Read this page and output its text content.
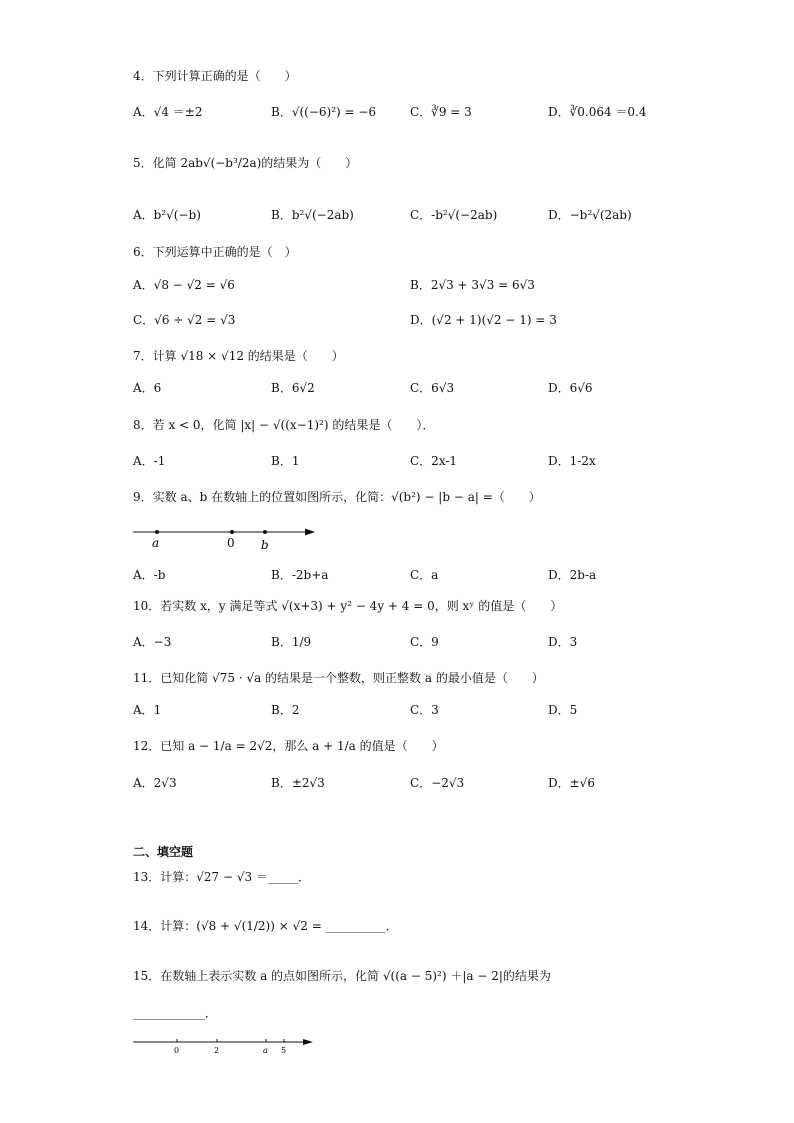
4．下列计算正确的是（　　）
A．√4 ＝±2	B．√((−6)²) = −6	C．∛9 = 3	D．∛0.064 ＝0.4
5．化简 2ab√(−b³/2a)的结果为（　　）
A．b²√(−b)	B．b²√(−2ab)	C．-b²√(−2ab)	D．−b²√(2ab)
6．下列运算中正确的是（　）
A．√8 − √2 = √6	B．2√3 + 3√3 = 6√3
C．√6 ÷ √2 = √3	D．(√2 + 1)(√2 − 1) = 3
7．计算 √18 × √12 的结果是（　　）
A．6	B．6√2	C．6√3	D．6√6
8．若 x < 0，化简 |x| − √((x−1)²) 的结果是（　　）．
A．-1	B．1	C．2x-1	D．1-2x
9．实数 a、b 在数轴上的位置如图所示，化简：√(b²) − |b − a| =（　　）
a	0 b
A．-b	B．-2b+a	C．a	D．2b-a
10．若实数 x，y 满足等式 √(x+3) + y² − 4y + 4 = 0，则 xʸ 的值是（　　）
A．−3	B．1/9	C．9	D．3
11．已知化简 √75 · √a 的结果是一个整数，则正整数 a 的最小值是（　　）
A．1	B．2	C．3	D．5
12．已知 a − 1/a = 2√2，那么 a + 1/a 的值是（　　）
A．2√3	B．±2√3	C．−2√3	D．±√6
二、填空题
13．计算：√27 − √3 ＝_____．
14．计算：(√8 + √(1/2)) × √2 = __________．
15．在数轴上表示实数 a 的点如图所示，化简 √((a − 5)²) ＋|a − 2|的结果为
____________．
0	2	a 5
